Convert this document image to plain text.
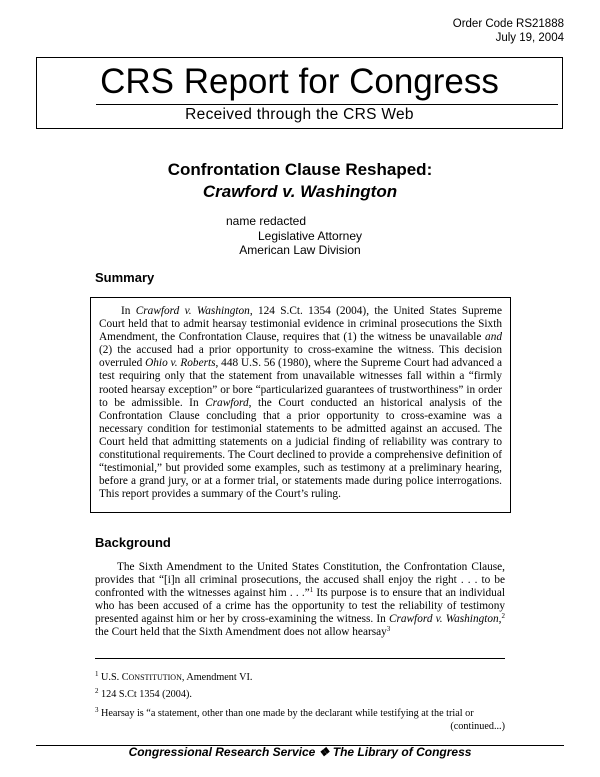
Order Code RS21888
July 19, 2004
CRS Report for Congress
Received through the CRS Web
Confrontation Clause Reshaped:
Crawford v. Washington
name redacted
Legislative Attorney
American Law Division
Summary

In Crawford v. Washington, 124 S.Ct. 1354 (2004), the United States Supreme Court held that to admit hearsay testimonial evidence in criminal prosecutions the Sixth Amendment, the Confrontation Clause, requires that (1) the witness be unavailable and (2) the accused had a prior opportunity to cross-examine the witness. This decision overruled Ohio v. Roberts, 448 U.S. 56 (1980), where the Supreme Court had advanced a test requiring only that the statement from unavailable witnesses fall within a “firmly rooted hearsay exception” or bore “particularized guarantees of trustworthiness” in order to be admissible. In Crawford, the Court conducted an historical analysis of the Confrontation Clause concluding that a prior opportunity to cross-examine was a necessary condition for testimonial statements to be admitted against an accused. The Court held that admitting statements on a judicial finding of reliability was contrary to constitutional requirements. The Court declined to provide a comprehensive definition of “testimonial,” but provided some examples, such as testimony at a preliminary hearing, before a grand jury, or at a former trial, or statements made during police interrogations. This report provides a summary of the Court’s ruling.

Background

The Sixth Amendment to the United States Constitution, the Confrontation Clause, provides that “[i]n all criminal prosecutions, the accused shall enjoy the right . . . to be confronted with the witnesses against him . . .”$^1$ Its purpose is to ensure that an individual who has been accused of a crime has the opportunity to test the reliability of testimony presented against him or her by cross-examining the witness. In Crawford v. Washington,$^2$ the Court held that the Sixth Amendment does not allow hearsay$^3$

$^1$ U.S. CONSTITUTION, Amendment VI.
$^2$ 124 S.Ct 1354 (2004).
$^3$ Hearsay is “a statement, other than one made by the declarant while testifying at the trial or
(continued...)
Congressional Research Service ❖ The Library of Congress
